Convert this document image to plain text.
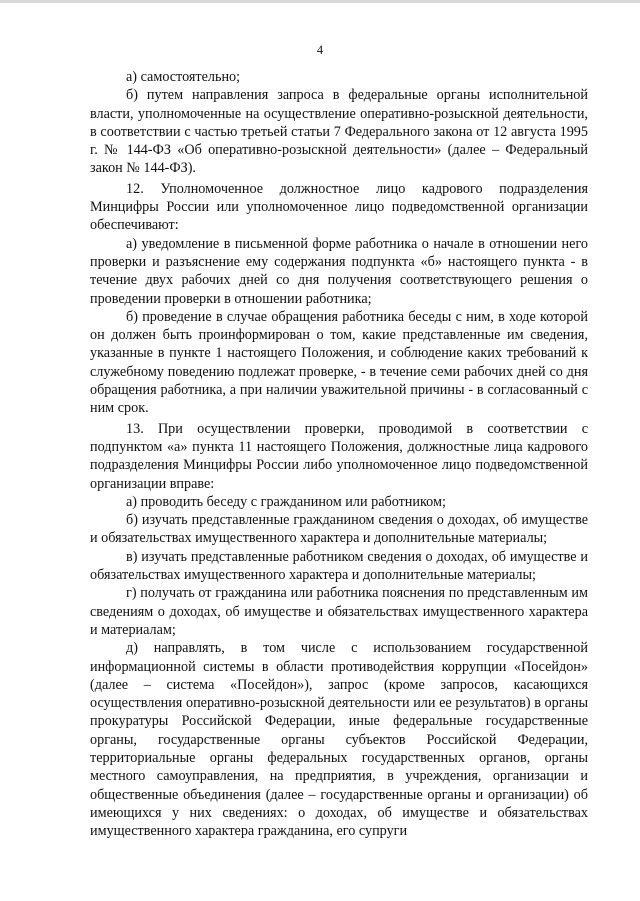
4

а) самостоятельно;

б) путем направления запроса в федеральные органы исполнительной власти, уполномоченные на осуществление оперативно-розыскной деятельности, в соответствии с частью третьей статьи 7 Федерального закона от 12 августа 1995 г. № 144-ФЗ «Об оперативно-розыскной деятельности» (далее – Федеральный закон № 144-ФЗ).

12. Уполномоченное должностное лицо кадрового подразделения Минцифры России или уполномоченное лицо подведомственной организации обеспечивают:

а) уведомление в письменной форме работника о начале в отношении него проверки и разъяснение ему содержания подпункта «б» настоящего пункта - в течение двух рабочих дней со дня получения соответствующего решения о проведении проверки в отношении работника;

б) проведение в случае обращения работника беседы с ним, в ходе которой он должен быть проинформирован о том, какие представленные им сведения, указанные в пункте 1 настоящего Положения, и соблюдение каких требований к служебному поведению подлежат проверке, - в течение семи рабочих дней со дня обращения работника, а при наличии уважительной причины - в согласованный с ним срок.

13. При осуществлении проверки, проводимой в соответствии с подпунктом «а» пункта 11 настоящего Положения, должностные лица кадрового подразделения Минцифры России либо уполномоченное лицо подведомственной организации вправе:

а) проводить беседу с гражданином или работником;

б) изучать представленные гражданином сведения о доходах, об имуществе и обязательствах имущественного характера и дополнительные материалы;

в) изучать представленные работником сведения о доходах, об имуществе и обязательствах имущественного характера и дополнительные материалы;

г) получать от гражданина или работника пояснения по представленным им сведениям о доходах, об имуществе и обязательствах имущественного характера и материалам;

д) направлять, в том числе с использованием государственной информационной системы в области противодействия коррупции «Посейдон» (далее – система «Посейдон»), запрос (кроме запросов, касающихся осуществления оперативно-розыскной деятельности или ее результатов) в органы прокуратуры Российской Федерации, иные федеральные государственные органы, государственные органы субъектов Российской Федерации, территориальные органы федеральных государственных органов, органы местного самоуправления, на предприятия, в учреждения, организации и общественные объединения (далее – государственные органы и организации) об имеющихся у них сведениях: о доходах, об имуществе и обязательствах имущественного характера гражданина, его супруги
